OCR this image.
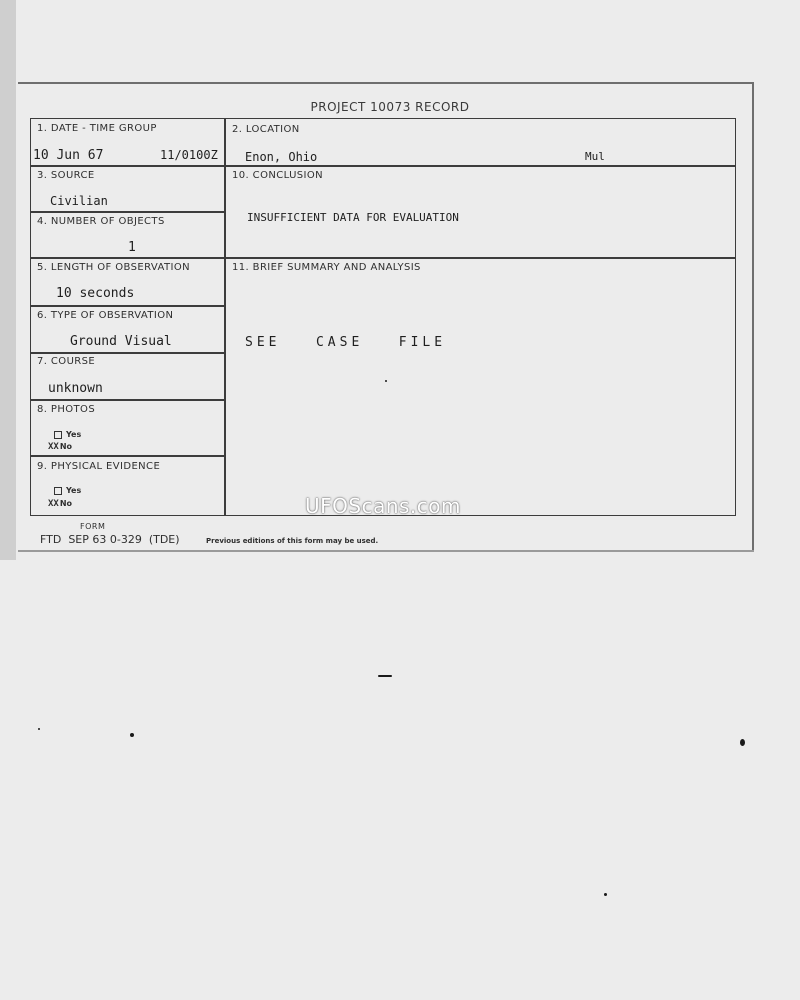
PROJECT 10073 RECORD
1. DATE - TIME GROUP
10 Jun 67	11/0100Z
2. LOCATION
Enon, Ohio	Mul
3. SOURCE
Civilian
4. NUMBER OF OBJECTS
1
5. LENGTH OF OBSERVATION
10 seconds
6. TYPE OF OBSERVATION
Ground Visual
7. COURSE
unknown
8. PHOTOS
Yes
XXNo
9. PHYSICAL EVIDENCE
Yes
XXNo
10. CONCLUSION
INSUFFICIENT DATA FOR EVALUATION
11. BRIEF SUMMARY AND ANALYSIS
SEE   CASE   FILE
FORM
FTD  SEP 63 0-329  (TDE)	Previous editions of this form may be used.
UFOScans.com
